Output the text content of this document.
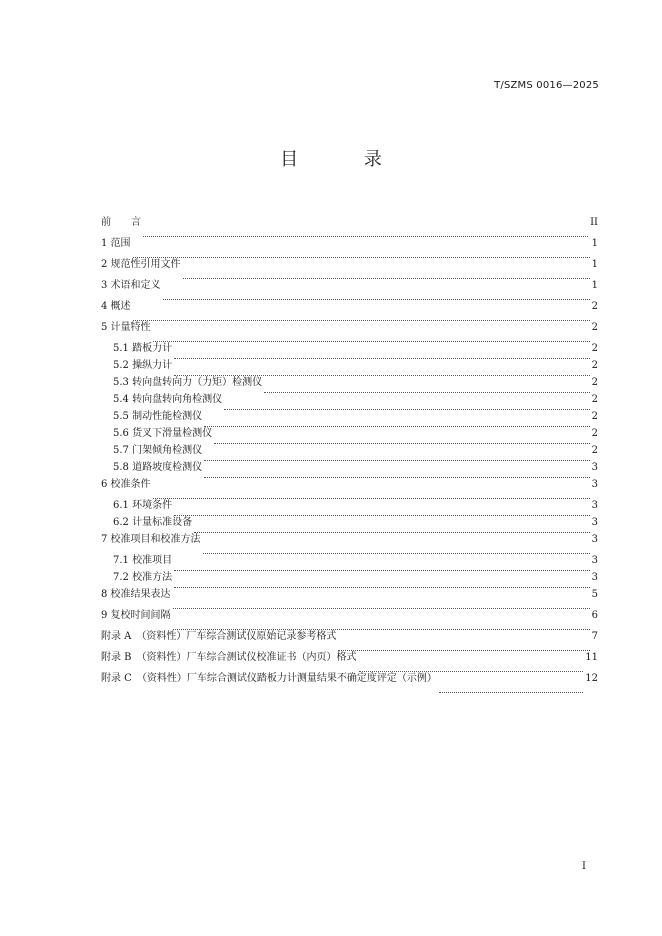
T/SZMS 0016—2025
目 录
前　　言	II
1 范围	1
2 规范性引用文件	1
3 术语和定义	1
4 概述	2
5 计量特性	2
5.1 踏板力计	2
5.2 操纵力计	2
5.3 转向盘转向力（力矩）检测仪	2
5.4 转向盘转向角检测仪	2
5.5 制动性能检测仪	2
5.6 货叉下滑量检测仪	2
5.7 门架倾角检测仪	2
5.8 道路坡度检测仪	3
6 校准条件	3
6.1 环境条件	3
6.2 计量标准设备	3
7 校准项目和校准方法	3
7.1 校准项目	3
7.2 校准方法	3
8 校准结果表达	5
9 复校时间间隔	6
附录 A　（资料性）厂车综合测试仪原始记录参考格式	7
附录 B　（资料性）厂车综合测试仪校准证书（内页）格式	11
附录 C　（资料性）厂车综合测试仪踏板力计测量结果不确定度评定（示例）	12
I
